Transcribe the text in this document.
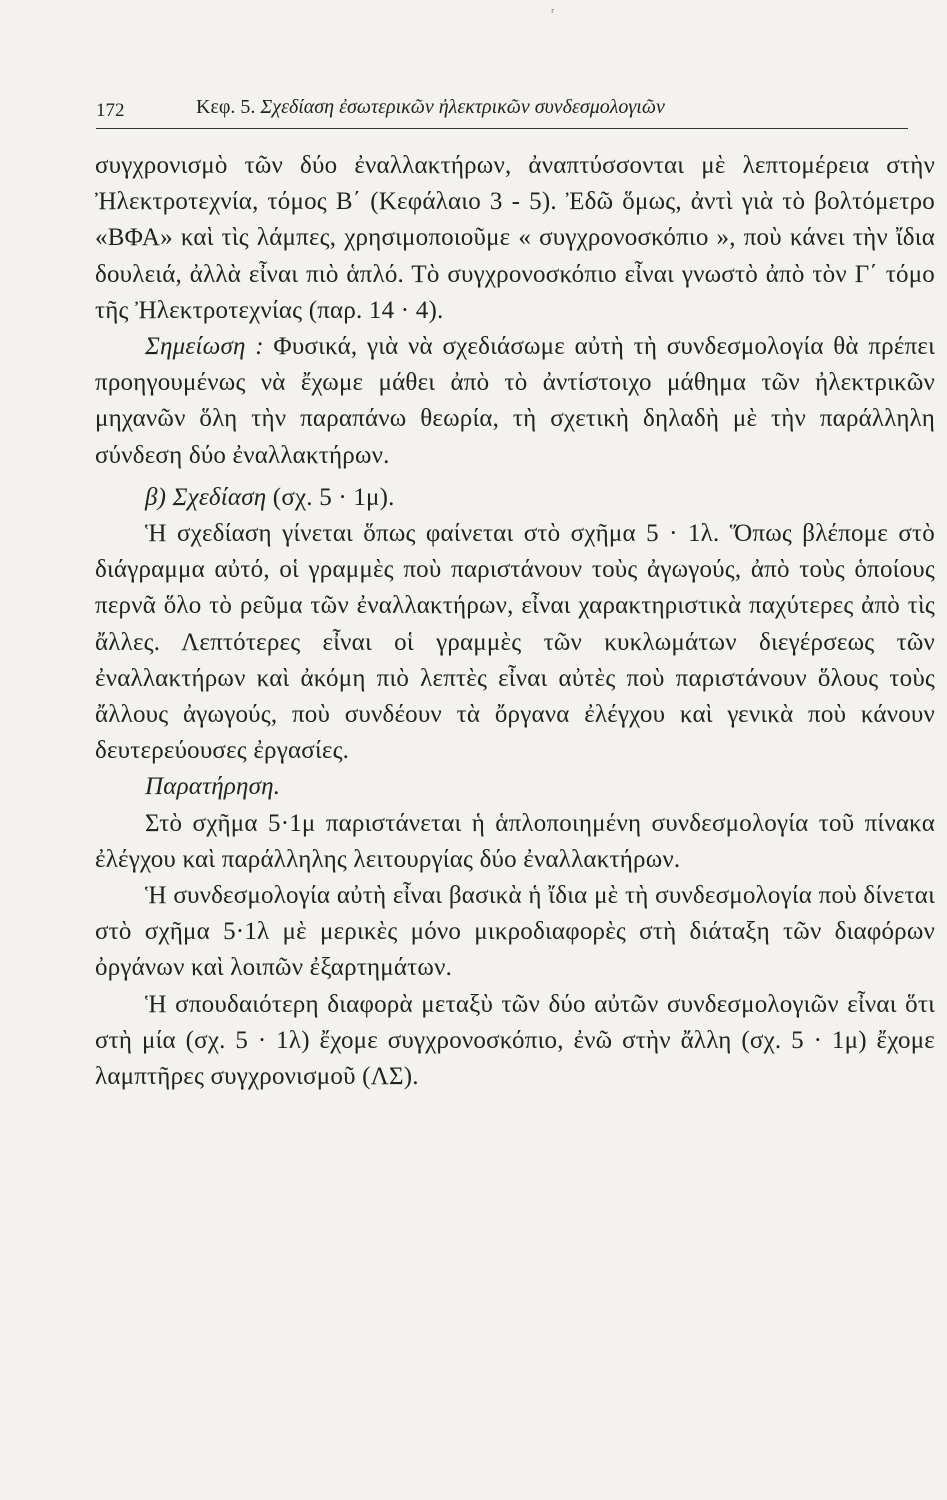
ʳ
172	Κεφ. 5. Σχεδίαση ἐσωτερικῶν ἠλεκτρικῶν συνδεσμολογιῶν

συγχρονισμὸ τῶν δύο ἐναλλακτήρων, ἀναπτύσσονται μὲ λεπτομέρεια στὴν Ἠλεκτροτεχνία, τόμος Β΄ (Κεφάλαιο 3 - 5). Ἐδῶ ὅμως, ἀντὶ γιὰ τὸ βολτόμετρο «ΒΦΑ» καὶ τὶς λάμπες, χρησιμοποιοῦμε « συγχρονοσκόπιο », ποὺ κάνει τὴν ἴδια δουλειά, ἀλλὰ εἶναι πιὸ ἁπλό. Τὸ συγχρονοσκόπιο εἶναι γνωστὸ ἀπὸ τὸν Γ΄ τόμο τῆς Ἠλεκτροτεχνίας (παρ. 14 · 4).

Σημείωση : Φυσικά, γιὰ νὰ σχεδιάσωμε αὐτὴ τὴ συνδεσμολογία θὰ πρέπει προηγουμένως νὰ ἔχωμε μάθει ἀπὸ τὸ ἀντίστοιχο μάθημα τῶν ἠλεκτρικῶν μηχανῶν ὅλη τὴν παραπάνω θεωρία, τὴ σχετικὴ δηλαδὴ μὲ τὴν παράλληλη σύνδεση δύο ἐναλλακτήρων.

β) Σχεδίαση (σχ. 5 · 1μ).

Ἡ σχεδίαση γίνεται ὅπως φαίνεται στὸ σχῆμα 5 · 1λ. Ὅπως βλέπομε στὸ διάγραμμα αὐτό, οἱ γραμμὲς ποὺ παριστάνουν τοὺς ἀγωγούς, ἀπὸ τοὺς ὁποίους περνᾶ ὅλο τὸ ρεῦμα τῶν ἐναλλακτήρων, εἶναι χαρακτηριστικὰ παχύτερες ἀπὸ τὶς ἄλλες. Λεπτότερες εἶναι οἱ γραμμὲς τῶν κυκλωμάτων διεγέρσεως τῶν ἐναλλακτήρων καὶ ἀκόμη πιὸ λεπτὲς εἶναι αὐτὲς ποὺ παριστάνουν ὅλους τοὺς ἄλλους ἀγωγούς, ποὺ συνδέουν τὰ ὄργανα ἐλέγχου καὶ γενικὰ ποὺ κάνουν δευτερεύουσες ἐργασίες.

Παρατήρηση.

Στὸ σχῆμα 5·1μ παριστάνεται ἡ ἁπλοποιημένη συνδεσμολογία τοῦ πίνακα ἐλέγχου καὶ παράλληλης λειτουργίας δύο ἐναλλακτήρων.

Ἡ συνδεσμολογία αὐτὴ εἶναι βασικὰ ἡ ἴδια μὲ τὴ συνδεσμολογία ποὺ δίνεται στὸ σχῆμα 5·1λ μὲ μερικὲς μόνο μικροδιαφορὲς στὴ διάταξη τῶν διαφόρων ὀργάνων καὶ λοιπῶν ἐξαρτημάτων.

Ἡ σπουδαιότερη διαφορὰ μεταξὺ τῶν δύο αὐτῶν συνδεσμολογιῶν εἶναι ὅτι στὴ μία (σχ. 5 · 1λ) ἔχομε συγχρονοσκόπιο, ἐνῶ στὴν ἄλλη (σχ. 5 · 1μ) ἔχομε λαμπτῆρες συγχρονισμοῦ (ΛΣ).
